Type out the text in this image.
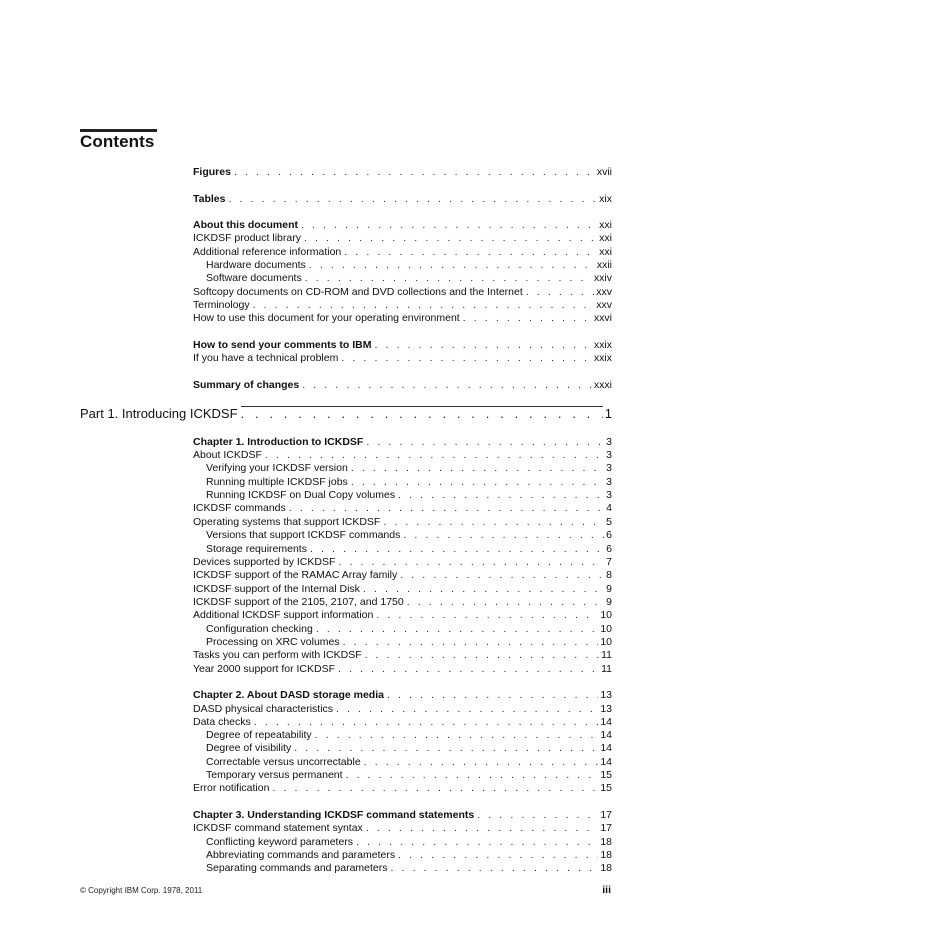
Contents
Figures . . .	xvii
Tables . . .	xix
About this document . . .	xxi
ICKDSF product library . . .	xxi
Additional reference information . . .	xxi
Hardware documents . . .	xxii
Software documents . . .	xxiv
Softcopy documents on CD-ROM and DVD collections and the Internet . . .	xxv
Terminology . . .	xxv
How to use this document for your operating environment . . .	xxvi
How to send your comments to IBM . . .	xxix
If you have a technical problem . . .	xxix
Summary of changes . . .	xxxi
Part 1. Introducing ICKDSF . . .	1
Chapter 1. Introduction to ICKDSF . . .	3
About ICKDSF . . .	3
Verifying your ICKDSF version . . .	3
Running multiple ICKDSF jobs . . .	3
Running ICKDSF on Dual Copy volumes . . .	3
ICKDSF commands . . .	4
Operating systems that support ICKDSF . . .	5
Versions that support ICKDSF commands . . .	6
Storage requirements . . .	6
Devices supported by ICKDSF . . .	7
ICKDSF support of the RAMAC Array family . . .	8
ICKDSF support of the Internal Disk . . .	9
ICKDSF support of the 2105, 2107, and 1750 . . .	9
Additional ICKDSF support information . . .	10
Configuration checking . . .	10
Processing on XRC volumes . . .	10
Tasks you can perform with ICKDSF . . .	11
Year 2000 support for ICKDSF . . .	11
Chapter 2. About DASD storage media . . .	13
DASD physical characteristics . . .	13
Data checks . . .	14
Degree of repeatability . . .	14
Degree of visibility . . .	14
Correctable versus uncorrectable . . .	14
Temporary versus permanent . . .	15
Error notification . . .	15
Chapter 3. Understanding ICKDSF command statements . . .	17
ICKDSF command statement syntax . . .	17
Conflicting keyword parameters . . .	18
Abbreviating commands and parameters . . .	18
Separating commands and parameters . . .	18
© Copyright IBM Corp. 1978, 2011	iii
